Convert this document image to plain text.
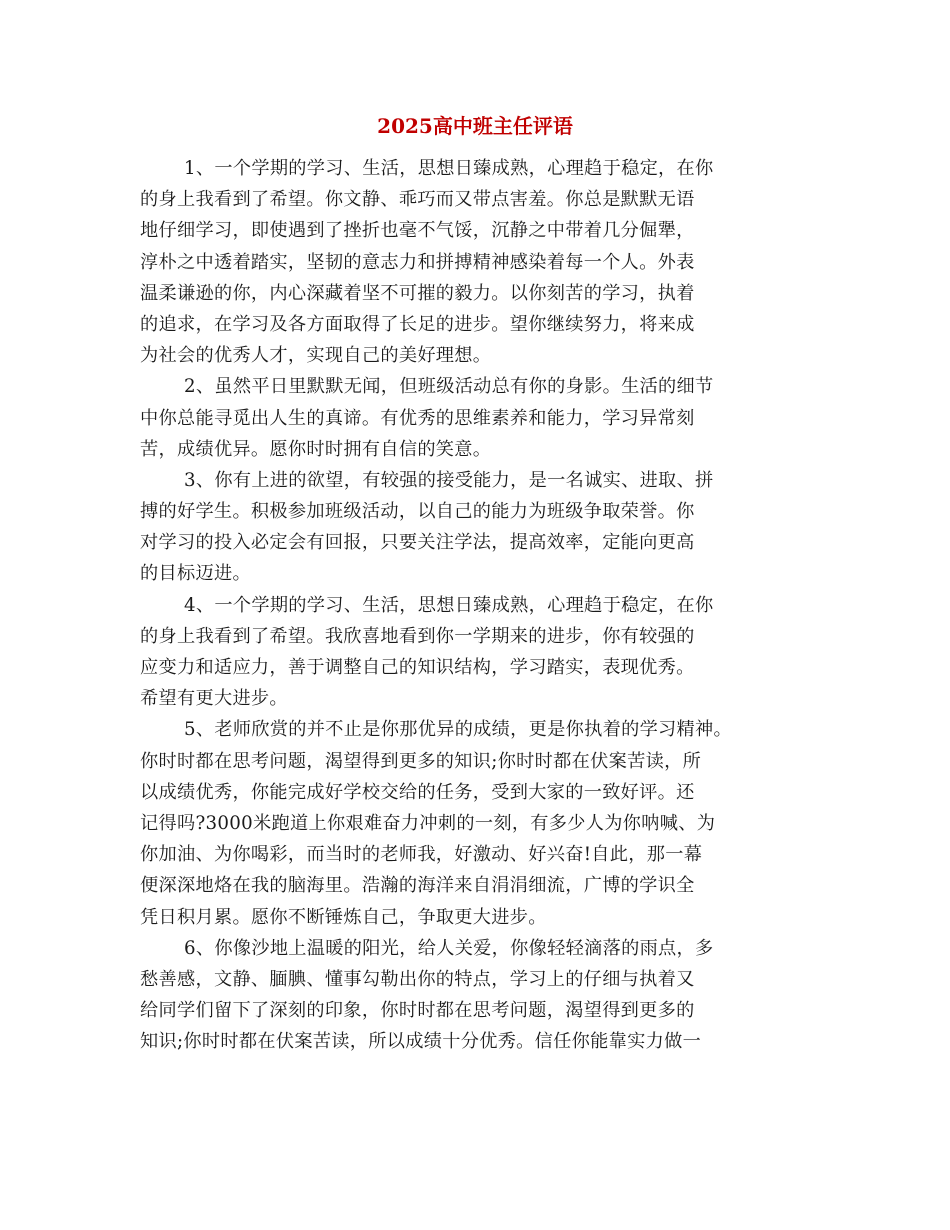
2025高中班主任评语
1、一个学期的学习、生活，思想日臻成熟，心理趋于稳定，在你
的身上我看到了希望。你文静、乖巧而又带点害羞。你总是默默无语
地仔细学习，即使遇到了挫折也毫不气馁，沉静之中带着几分倔犟，
淳朴之中透着踏实，坚韧的意志力和拼搏精神感染着每一个人。外表
温柔谦逊的你，内心深藏着坚不可摧的毅力。以你刻苦的学习，执着
的追求，在学习及各方面取得了长足的进步。望你继续努力，将来成
为社会的优秀人才，实现自己的美好理想。
2、虽然平日里默默无闻，但班级活动总有你的身影。生活的细节
中你总能寻觅出人生的真谛。有优秀的思维素养和能力，学习异常刻
苦，成绩优异。愿你时时拥有自信的笑意。
3、你有上进的欲望，有较强的接受能力，是一名诚实、进取、拼
搏的好学生。积极参加班级活动，以自己的能力为班级争取荣誉。你
对学习的投入必定会有回报，只要关注学法，提高效率，定能向更高
的目标迈进。
4、一个学期的学习、生活，思想日臻成熟，心理趋于稳定，在你
的身上我看到了希望。我欣喜地看到你一学期来的进步，你有较强的
应变力和适应力，善于调整自己的知识结构，学习踏实，表现优秀。
希望有更大进步。
5、老师欣赏的并不止是你那优异的成绩，更是你执着的学习精神。
你时时都在思考问题，渴望得到更多的知识;你时时都在伏案苦读，所
以成绩优秀，你能完成好学校交给的任务，受到大家的一致好评。还
记得吗?3000米跑道上你艰难奋力冲刺的一刻，有多少人为你呐喊、为
你加油、为你喝彩，而当时的老师我，好激动、好兴奋!自此，那一幕
便深深地烙在我的脑海里。浩瀚的海洋来自涓涓细流，广博的学识全
凭日积月累。愿你不断锤炼自己，争取更大进步。
6、你像沙地上温暖的阳光，给人关爱，你像轻轻滴落的雨点，多
愁善感，文静、腼腆、懂事勾勒出你的特点，学习上的仔细与执着又
给同学们留下了深刻的印象，你时时都在思考问题，渴望得到更多的
知识;你时时都在伏案苦读，所以成绩十分优秀。信任你能靠实力做一
